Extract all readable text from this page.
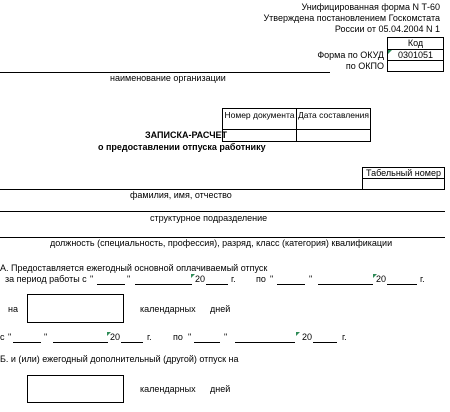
Унифицированная форма N Т-60
Утверждена постановлением Госкомстата
России от 05.04.2004 N 1
Код
Форма по ОКУД	0301051
по ОКПО
наименование организации
Номер документа Дата составления
ЗАПИСКА-РАСЧЕТ
о предоставлении отпуска работнику
Табельный номер
фамилия, имя, отчество
структурное подразделение
должность (специальность, профессия), разряд, класс (категория) квалификации
А. Предоставляется ежегодный основной оплачиваемый отпуск
за период работы с "	"	20	г. по "	"	20	г.
на	календарных дней
с "	"	20	г. по "	"	20	г.
Б. и (или) ежегодный дополнительный (другой) отпуск на
календарных дней
